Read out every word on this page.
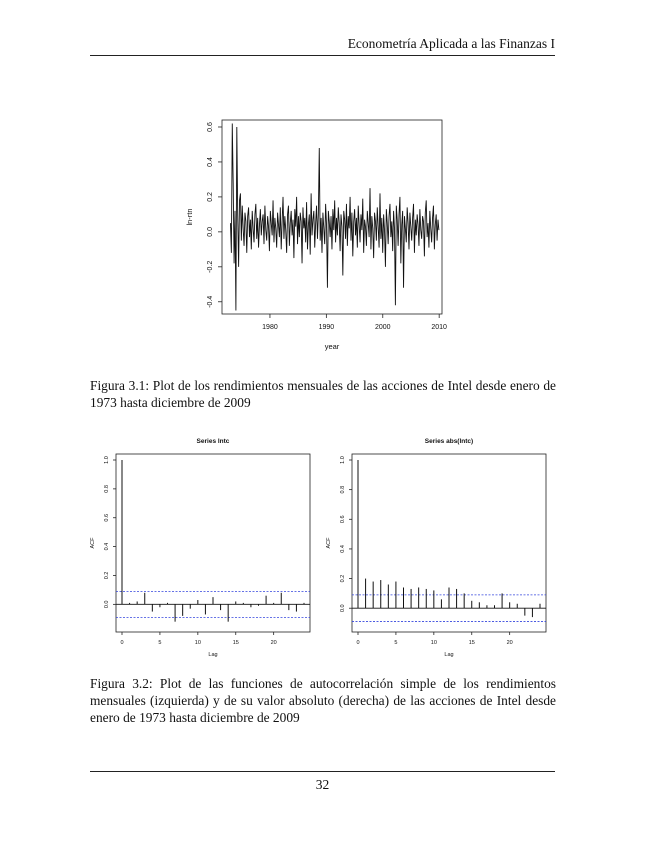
Econometría Aplicada a las Finanzas I
1980	1990	2000	2010
-0.4
-0.2
0.0
0.2
0.4
0.6
year
ln-rtn
Figura 3.1: Plot de los rendimientos mensuales de las acciones de Intel desde enero de 1973 hasta diciembre de 2009
Series lntc
0	5	10	15	20
0.0
0.2
0.4
0.6
0.8
1.0
Lag
ACF
Series abs(lntc)
0	5	10	15	20
0.0
0.2
0.4
0.6
0.8
1.0
Lag
ACF
Figura 3.2: Plot de las funciones de autocorrelación simple de los rendimientos mensuales (izquierda) y de su valor absoluto (derecha) de las acciones de Intel desde enero de 1973 hasta diciembre de 2009
32
